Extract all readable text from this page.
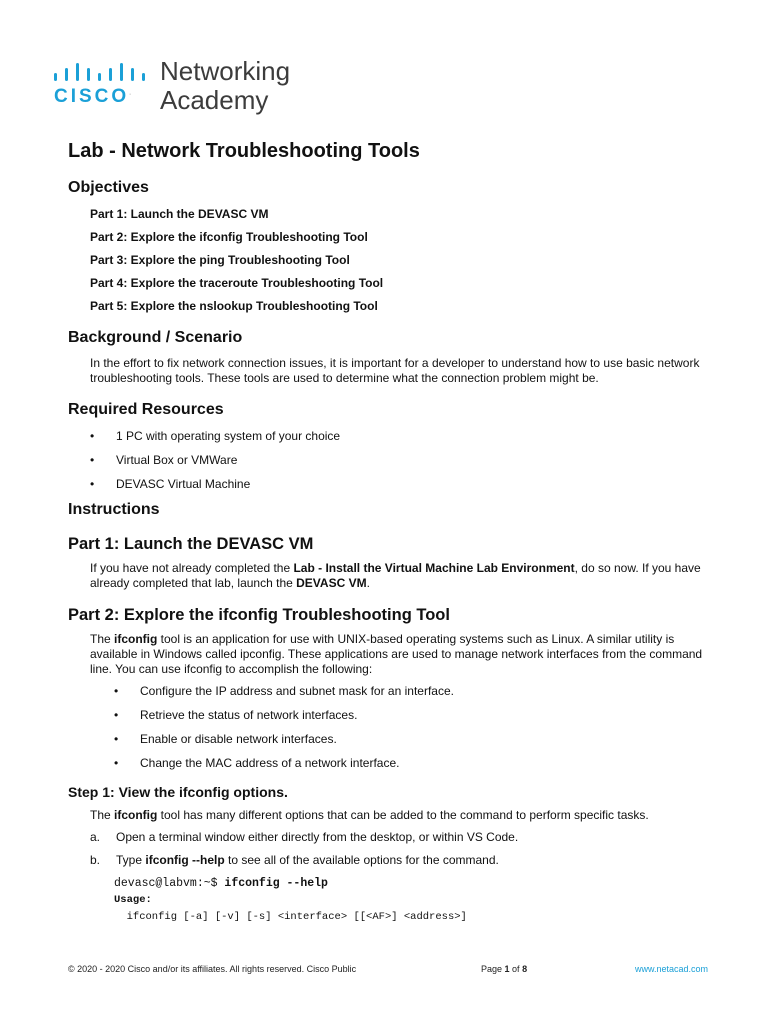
CISCO.
Networking
Academy
Lab - Network Troubleshooting Tools
Objectives
Part 1: Launch the DEVASC VM
Part 2: Explore the ifconfig Troubleshooting Tool
Part 3: Explore the ping Troubleshooting Tool
Part 4: Explore the traceroute Troubleshooting Tool
Part 5: Explore the nslookup Troubleshooting Tool
Background / Scenario

In the effort to fix network connection issues, it is important for a developer to understand how to use basic network troubleshooting tools. These tools are used to determine what the connection problem might be.

Required Resources
• 1 PC with operating system of your choice
• Virtual Box or VMWare
• DEVASC Virtual Machine
Instructions
Part 1: Launch the DEVASC VM

If you have not already completed the Lab - Install the Virtual Machine Lab Environment, do so now. If you have already completed that lab, launch the DEVASC VM.

Part 2: Explore the ifconfig Troubleshooting Tool

The ifconfig tool is an application for use with UNIX-based operating systems such as Linux. A similar utility is available in Windows called ipconfig. These applications are used to manage network interfaces from the command line. You can use ifconfig to accomplish the following:

• Configure the IP address and subnet mask for an interface.
• Retrieve the status of network interfaces.
• Enable or disable network interfaces.
• Change the MAC address of a network interface.
Step 1: View the ifconfig options.

The ifconfig tool has many different options that can be added to the command to perform specific tasks.

a. Open a terminal window either directly from the desktop, or within VS Code.
b. Type ifconfig --help to see all of the available options for the command.
devasc@labvm:~$ ifconfig --help
Usage:
ifconfig [-a] [-v] [-s] <interface> [[<AF>] <address>]
© 2020 - 2020 Cisco and/or its affiliates. All rights reserved. Cisco Public	Page 1 of 8	www.netacad.com
